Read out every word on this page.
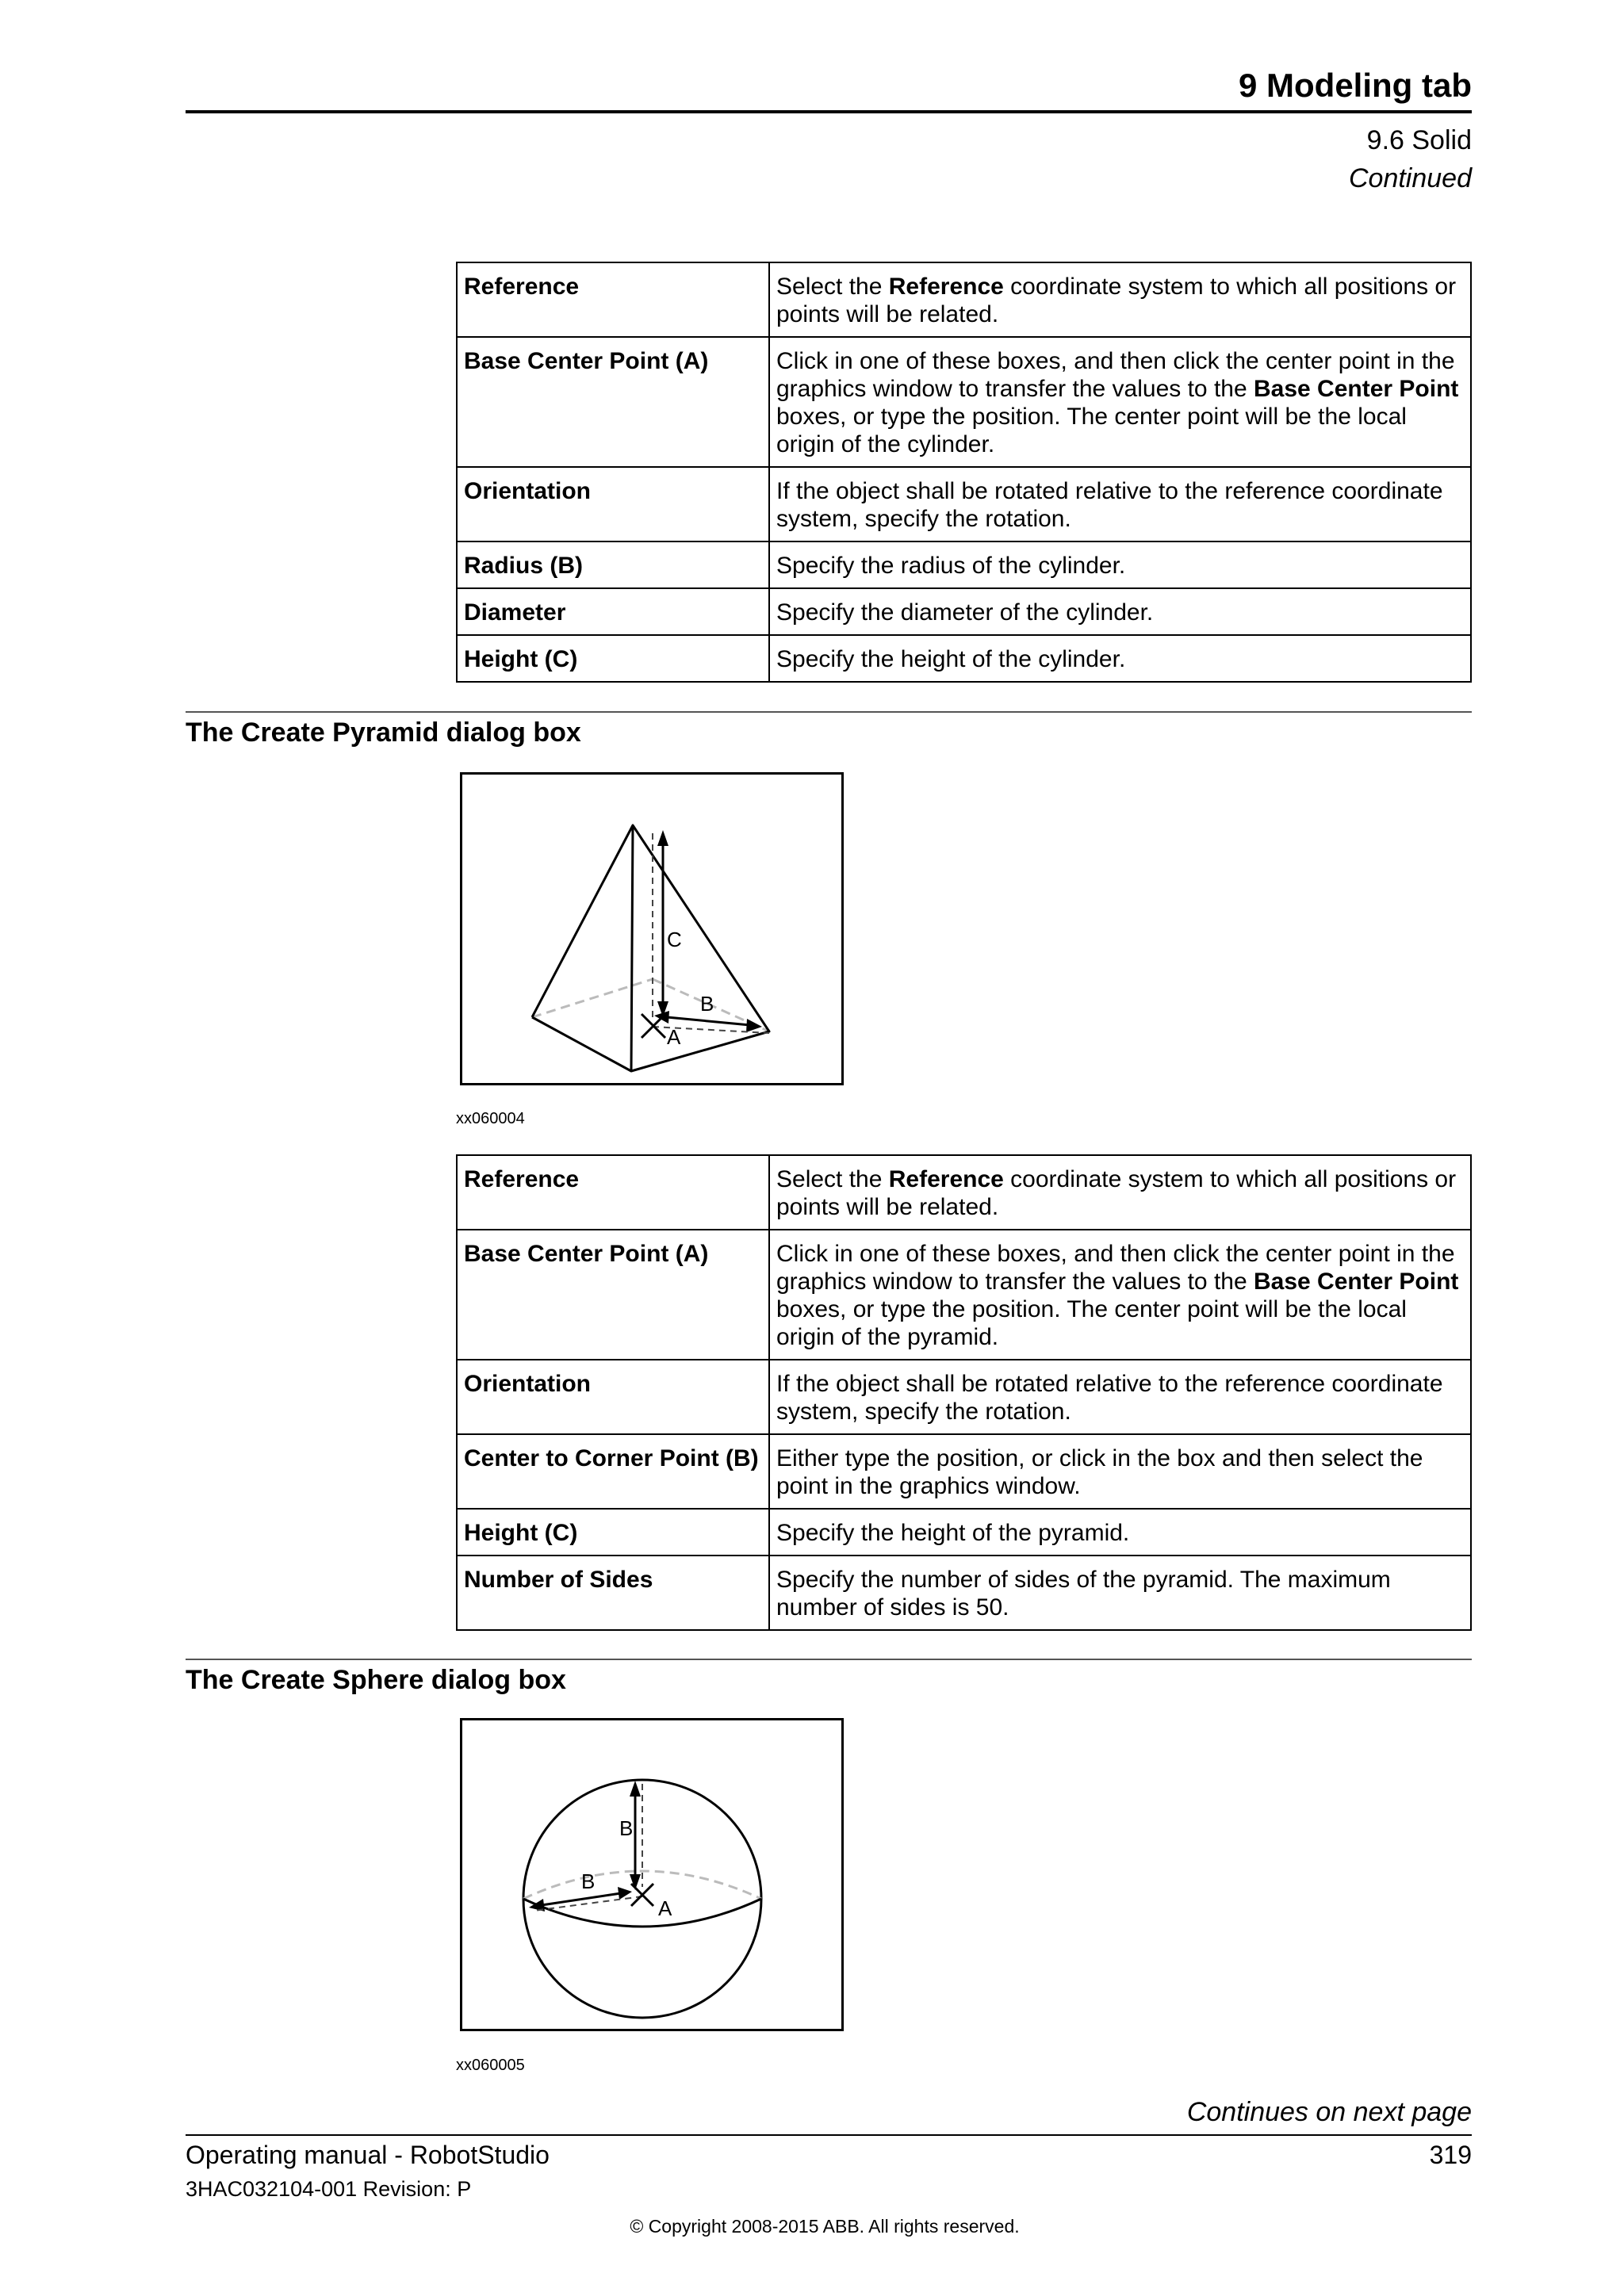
9 Modeling tab
9.6 Solid
Continued
Reference	Select the Reference coordinate system to which all positions or points will be related.
Base Center Point (A)	Click in one of these boxes, and then click the center point in the graphics window to transfer the values to the Base Center Point boxes, or type the position. The center point will be the local origin of the cylinder.
Orientation	If the object shall be rotated relative to the reference coordinate system, specify the rotation.
Radius (B)	Specify the radius of the cylinder.
Diameter	Specify the diameter of the cylinder.
Height (C)	Specify the height of the cylinder.
The Create Pyramid dialog box
C
B
A
xx060004
Reference	Select the Reference coordinate system to which all positions or points will be related.
Base Center Point (A)	Click in one of these boxes, and then click the center point in the graphics window to transfer the values to the Base Center Point boxes, or type the position. The center point will be the local origin of the pyramid.
Orientation	If the object shall be rotated relative to the reference coordinate system, specify the rotation.
Center to Corner Point (B)	Either type the position, or click in the box and then select the point in the graphics window.
Height (C)	Specify the height of the pyramid.
Number of Sides	Specify the number of sides of the pyramid. The maximum number of sides is 50.
The Create Sphere dialog box
B
B
A
xx060005
Continues on next page
Operating manual - RobotStudio	319
3HAC032104-001 Revision: P
© Copyright 2008-2015 ABB. All rights reserved.
